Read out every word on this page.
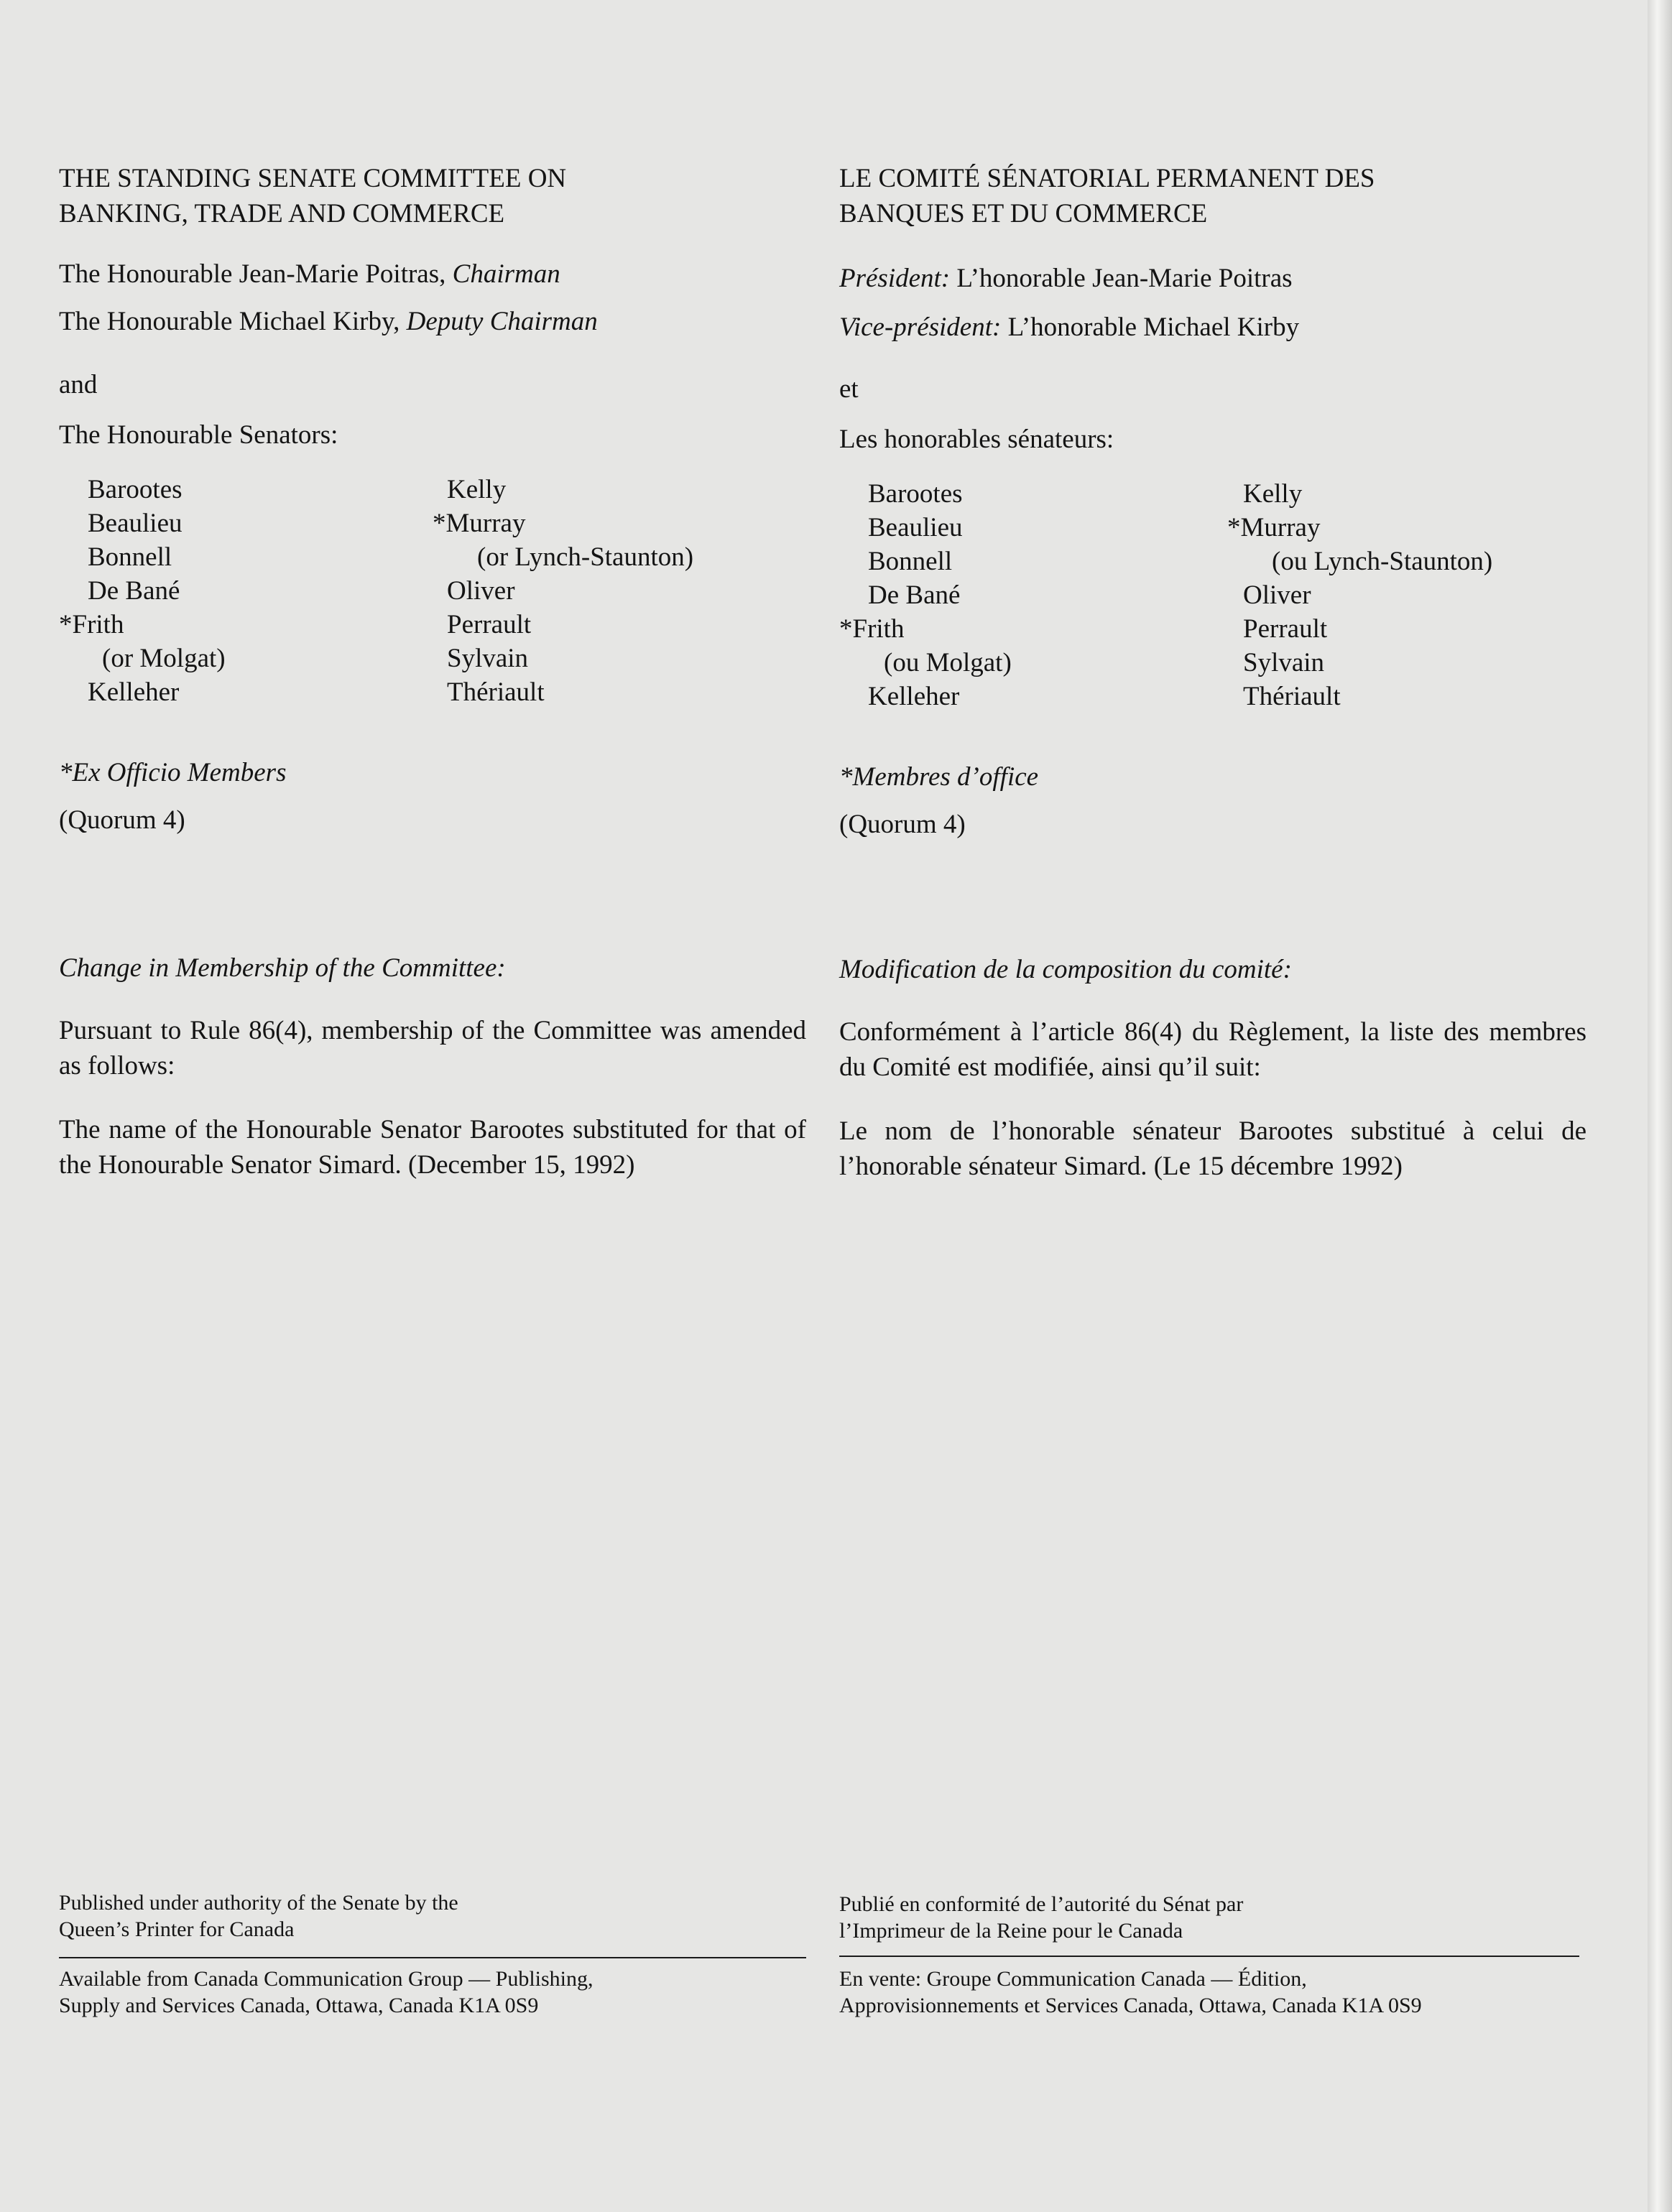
THE STANDING SENATE COMMITTEE ON
BANKING, TRADE AND COMMERCE
The Honourable Jean-Marie Poitras, Chairman
The Honourable Michael Kirby, Deputy Chairman
and
The Honourable Senators:
Barootes
Beaulieu
Bonnell
De Bané
*Frith
(or Molgat)
Kelleher
Kelly
*Murray
(or Lynch-Staunton)
Oliver
Perrault
Sylvain
Thériault
*Ex Officio Members
(Quorum 4)
Change in Membership of the Committee:
Pursuant to Rule 86(4), membership of the Committee was amended as follows:
The name of the Honourable Senator Barootes substituted for that of the Honourable Senator Simard. (December 15, 1992)
Published under authority of the Senate by the
Queen’s Printer for Canada
Available from Canada Communication Group — Publishing,
Supply and Services Canada, Ottawa, Canada K1A 0S9
LE COMITÉ SÉNATORIAL PERMANENT DES
BANQUES ET DU COMMERCE
Président: L’honorable Jean-Marie Poitras
Vice-président: L’honorable Michael Kirby
et
Les honorables sénateurs:
Barootes
Beaulieu
Bonnell
De Bané
*Frith
(ou Molgat)
Kelleher
Kelly
*Murray
(ou Lynch-Staunton)
Oliver
Perrault
Sylvain
Thériault
*Membres d’office
(Quorum 4)
Modification de la composition du comité:
Conformément à l’article 86(4) du Règlement, la liste des membres du Comité est modifiée, ainsi qu’il suit:
Le nom de l’honorable sénateur Barootes substitué à celui de l’honorable sénateur Simard. (Le 15 décembre 1992)
Publié en conformité de l’autorité du Sénat par
l’Imprimeur de la Reine pour le Canada
En vente: Groupe Communication Canada — Édition,
Approvisionnements et Services Canada, Ottawa, Canada K1A 0S9
